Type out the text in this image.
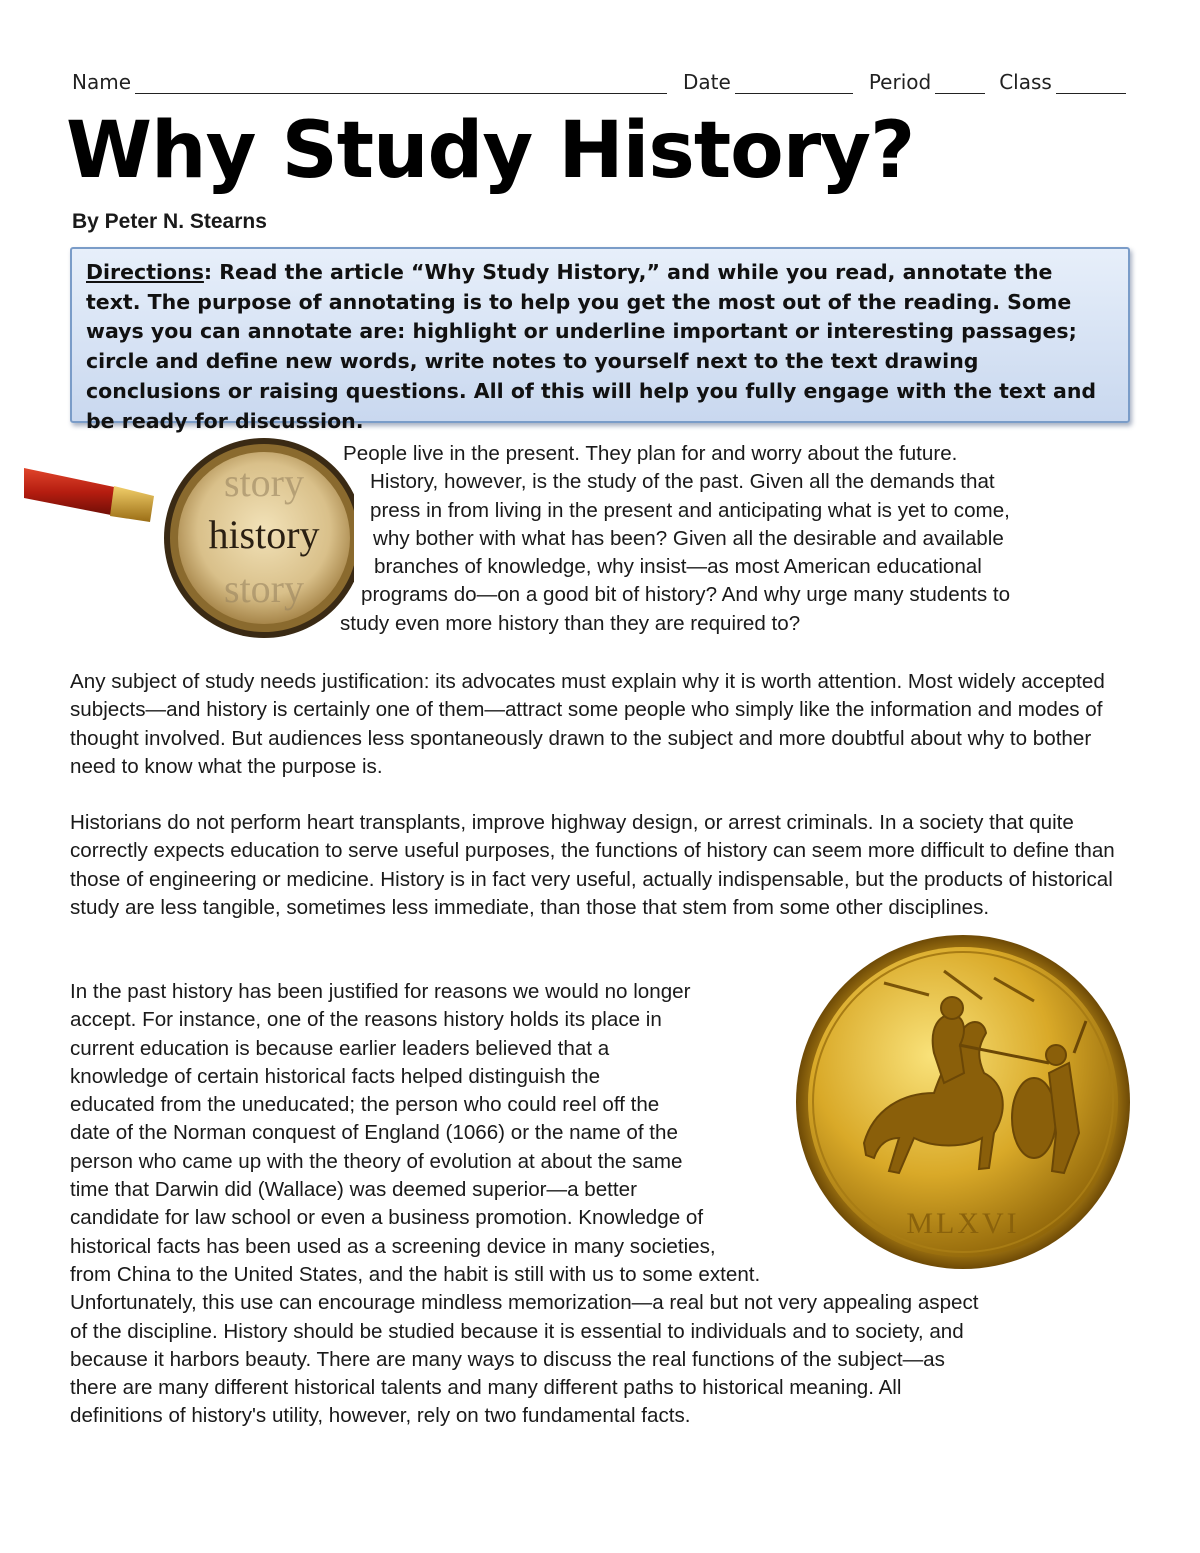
Name	Date	Period	Class
Why Study History?
By Peter N. Stearns
Directions: Read the article “Why Study History,” and while you read, annotate the text. The purpose of annotating is to help you get the most out of the reading. Some ways you can annotate are: highlight or underline important or interesting passages; circle and define new words, write notes to yourself next to the text drawing conclusions or raising questions. All of this will help you fully engage with the text and be ready for discussion.
story
history
story
People live in the present. They plan for and worry about the future.
History, however, is the study of the past. Given all the demands that
press in from living in the present and anticipating what is yet to come,
why bother with what has been? Given all the desirable and available
branches of knowledge, why insist—as most American educational
programs do—on a good bit of history? And why urge many students to
study even more history than they are required to?

Any subject of study needs justification: its advocates must explain why it is worth attention. Most widely accepted subjects—and history is certainly one of them—attract some people who simply like the information and modes of thought involved. But audiences less spontaneously drawn to the subject and more doubtful about why to bother need to know what the purpose is.

Historians do not perform heart transplants, improve highway design, or arrest criminals. In a society that quite correctly expects education to serve useful purposes, the functions of history can seem more difficult to define than those of engineering or medicine. History is in fact very useful, actually indispensable, but the products of historical study are less tangible, sometimes less immediate, than those that stem from some other disciplines.

MLXVI
In the past history has been justified for reasons we would no longer
accept. For instance, one of the reasons history holds its place in
current education is because earlier leaders believed that a
knowledge of certain historical facts helped distinguish the
educated from the uneducated; the person who could reel off the
date of the Norman conquest of England (1066) or the name of the
person who came up with the theory of evolution at about the same
time that Darwin did (Wallace) was deemed superior—a better
candidate for law school or even a business promotion. Knowledge of
historical facts has been used as a screening device in many societies,
from China to the United States, and the habit is still with us to some extent.
Unfortunately, this use can encourage mindless memorization—a real but not very appealing aspect
of the discipline. History should be studied because it is essential to individuals and to society, and
because it harbors beauty. There are many ways to discuss the real functions of the subject—as
there are many different historical talents and many different paths to historical meaning. All
definitions of history's utility, however, rely on two fundamental facts.
